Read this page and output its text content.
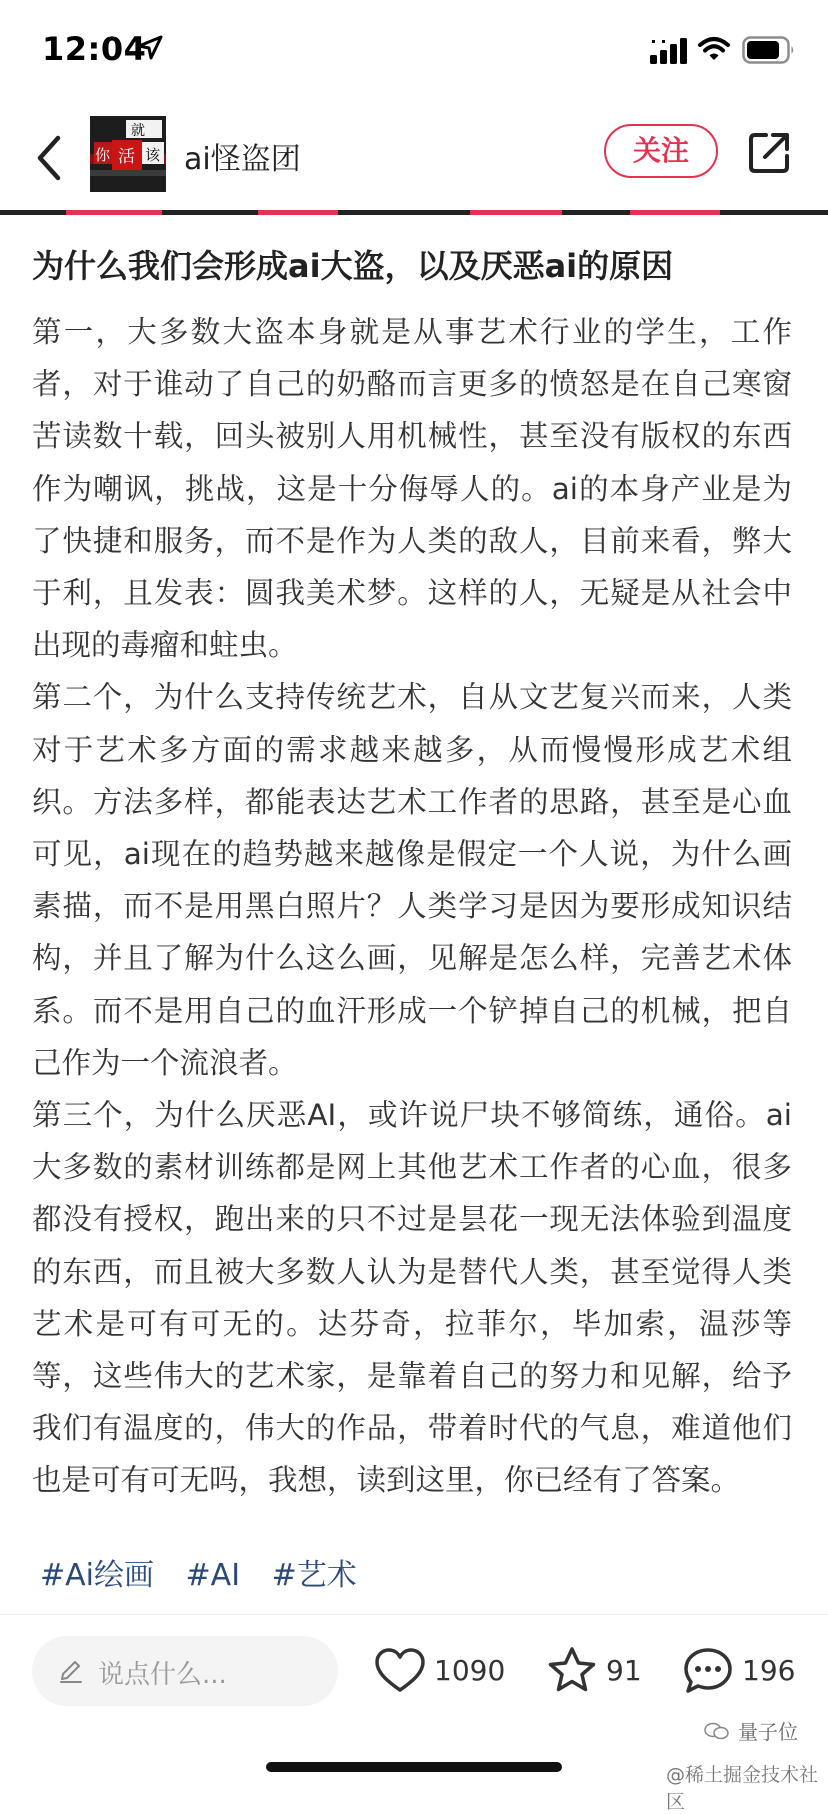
12:04
就
你 活 该 ai怪盗团	关注
为什么我们会形成ai大盗，以及厌恶ai的原因

第一，大多数大盗本身就是从事艺术行业的学生，工作者，对于谁动了自己的奶酪而言更多的愤怒是在自己寒窗苦读数十载，回头被别人用机械性，甚至没有版权的东西作为嘲讽，挑战，这是十分侮辱人的。ai的本身产业是为了快捷和服务，而不是作为人类的敌人，目前来看，弊大于利，且发表：圆我美术梦。这样的人，无疑是从社会中出现的毒瘤和蛀虫。

第二个，为什么支持传统艺术，自从文艺复兴而来，人类对于艺术多方面的需求越来越多，从而慢慢形成艺术组织。方法多样，都能表达艺术工作者的思路，甚至是心血可见，ai现在的趋势越来越像是假定一个人说，为什么画素描，而不是用黑白照片？人类学习是因为要形成知识结构，并且了解为什么这么画，见解是怎么样，完善艺术体系。而不是用自己的血汗形成一个铲掉自己的机械，把自己作为一个流浪者。

第三个，为什么厌恶AI，或许说尸块不够简练，通俗。ai大多数的素材训练都是网上其他艺术工作者的心血，很多都没有授权，跑出来的只不过是昙花一现无法体验到温度的东西，而且被大多数人认为是替代人类，甚至觉得人类艺术是可有可无的。达芬奇，拉菲尔，毕加索，温莎等等，这些伟大的艺术家，是靠着自己的努力和见解，给予我们有温度的，伟大的作品，带着时代的气息，难道他们也是可有可无吗，我想，读到这里，你已经有了答案。

#Ai绘画 #AI #艺术
说点什么...	1090	91	196
量子位
@稀土掘金技术社区
